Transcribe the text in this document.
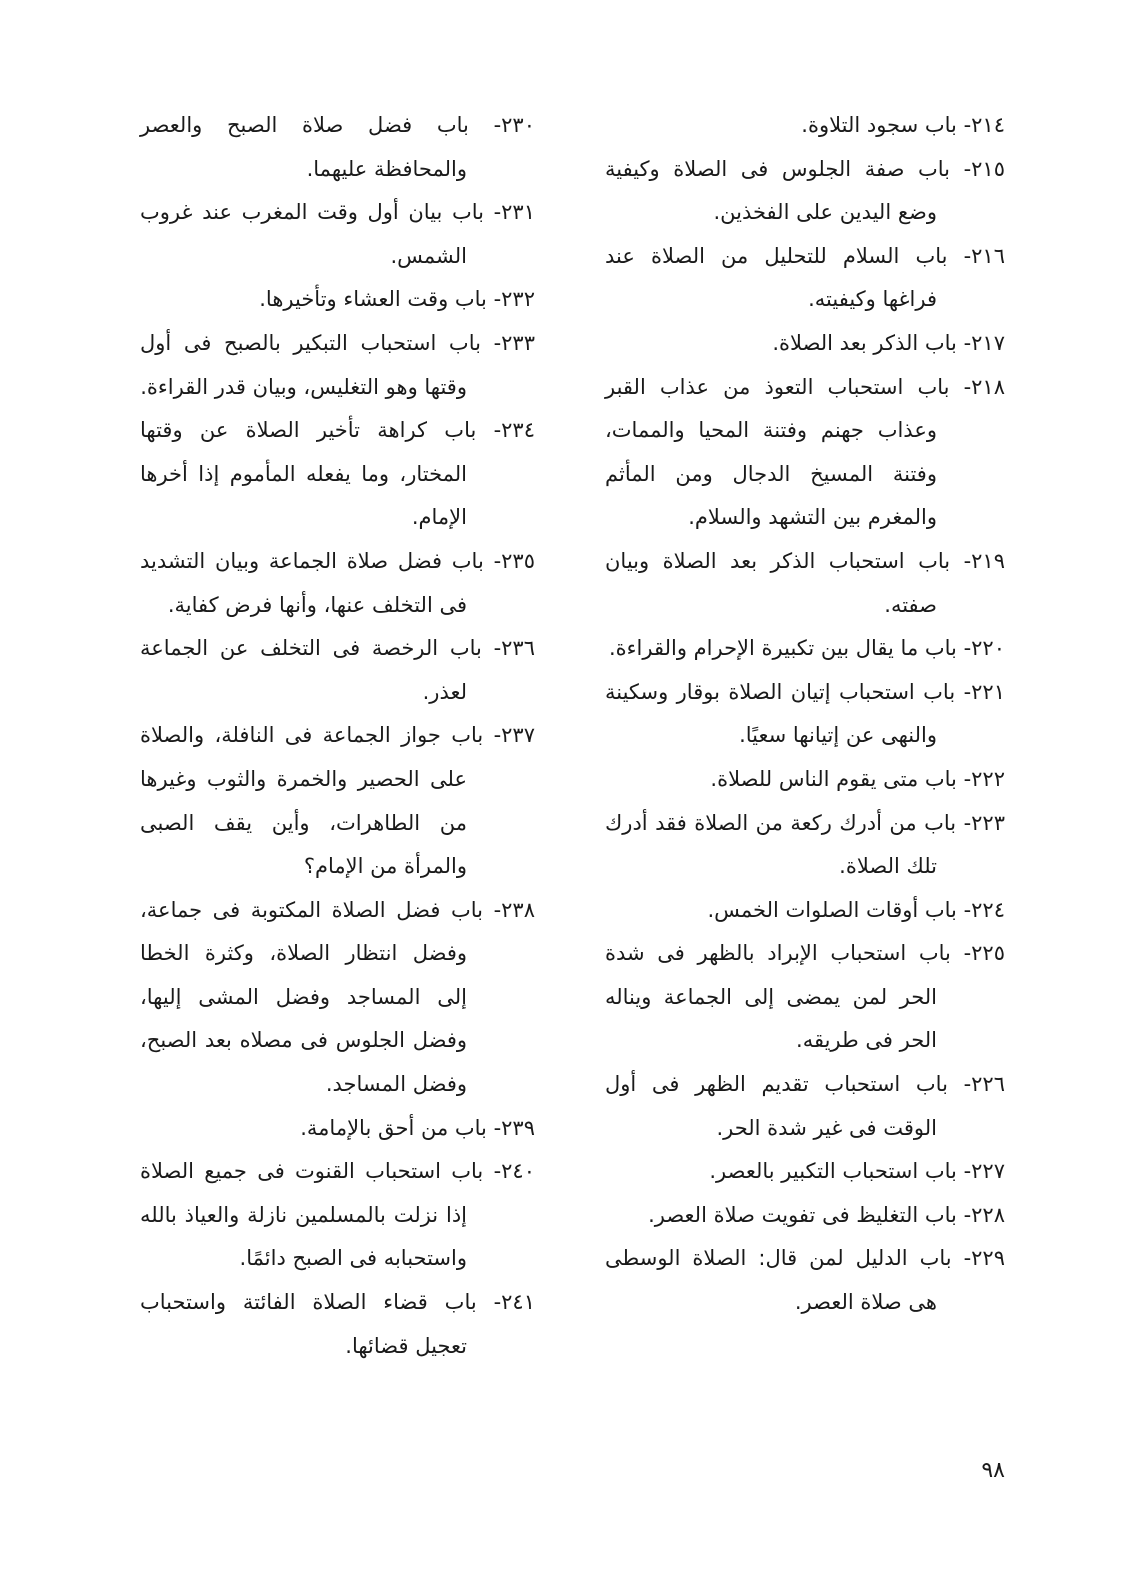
٢١٤- باب سجود التلاوة.

٢١٥- باب صفة الجلوس فى الصلاة وكيفية وضع اليدين على الفخذين.

٢١٦- باب السلام للتحليل من الصلاة عند فراغها وكيفيته.

٢١٧- باب الذكر بعد الصلاة.

٢١٨- باب استحباب التعوذ من عذاب القبر وعذاب جهنم وفتنة المحيا والممات، وفتنة المسيخ الدجال ومن المأثم والمغرم بين التشهد والسلام.

٢١٩- باب استحباب الذكر بعد الصلاة وبيان صفته.

٢٢٠- باب ما يقال بين تكبيرة الإحرام والقراءة.

٢٢١- باب استحباب إتيان الصلاة بوقار وسكينة والنهى عن إتيانها سعيًا.

٢٢٢- باب متى يقوم الناس للصلاة.

٢٢٣- باب من أدرك ركعة من الصلاة فقد أدرك تلك الصلاة.

٢٢٤- باب أوقات الصلوات الخمس.

٢٢٥- باب استحباب الإبراد بالظهر فى شدة الحر لمن يمضى إلى الجماعة ويناله الحر فى طريقه.

٢٢٦- باب استحباب تقديم الظهر فى أول الوقت فى غير شدة الحر.

٢٢٧- باب استحباب التكبير بالعصر.

٢٢٨- باب التغليظ فى تفويت صلاة العصر.

٢٢٩- باب الدليل لمن قال: الصلاة الوسطى هى صلاة العصر.

٢٣٠- باب فضل صلاة الصبح والعصر والمحافظة عليهما.

٢٣١- باب بيان أول وقت المغرب عند غروب الشمس.

٢٣٢- باب وقت العشاء وتأخيرها.

٢٣٣- باب استحباب التبكير بالصبح فى أول وقتها وهو التغليس، وبيان قدر القراءة.

٢٣٤- باب كراهة تأخير الصلاة عن وقتها المختار، وما يفعله المأموم إذا أخرها الإمام.

٢٣٥- باب فضل صلاة الجماعة وبيان التشديد فى التخلف عنها، وأنها فرض كفاية.

٢٣٦- باب الرخصة فى التخلف عن الجماعة لعذر.

٢٣٧- باب جواز الجماعة فى النافلة، والصلاة على الحصير والخمرة والثوب وغيرها من الطاهرات، وأين يقف الصبى والمرأة من الإمام؟

٢٣٨- باب فضل الصلاة المكتوبة فى جماعة، وفضل انتظار الصلاة، وكثرة الخطا إلى المساجد وفضل المشى إليها، وفضل الجلوس فى مصلاه بعد الصبح، وفضل المساجد.

٢٣٩- باب من أحق بالإمامة.

٢٤٠- باب استحباب القنوت فى جميع الصلاة إذا نزلت بالمسلمين نازلة والعياذ بالله واستحبابه فى الصبح دائمًا.

٢٤١- باب قضاء الصلاة الفائتة واستحباب تعجيل قضائها.

٩٨
